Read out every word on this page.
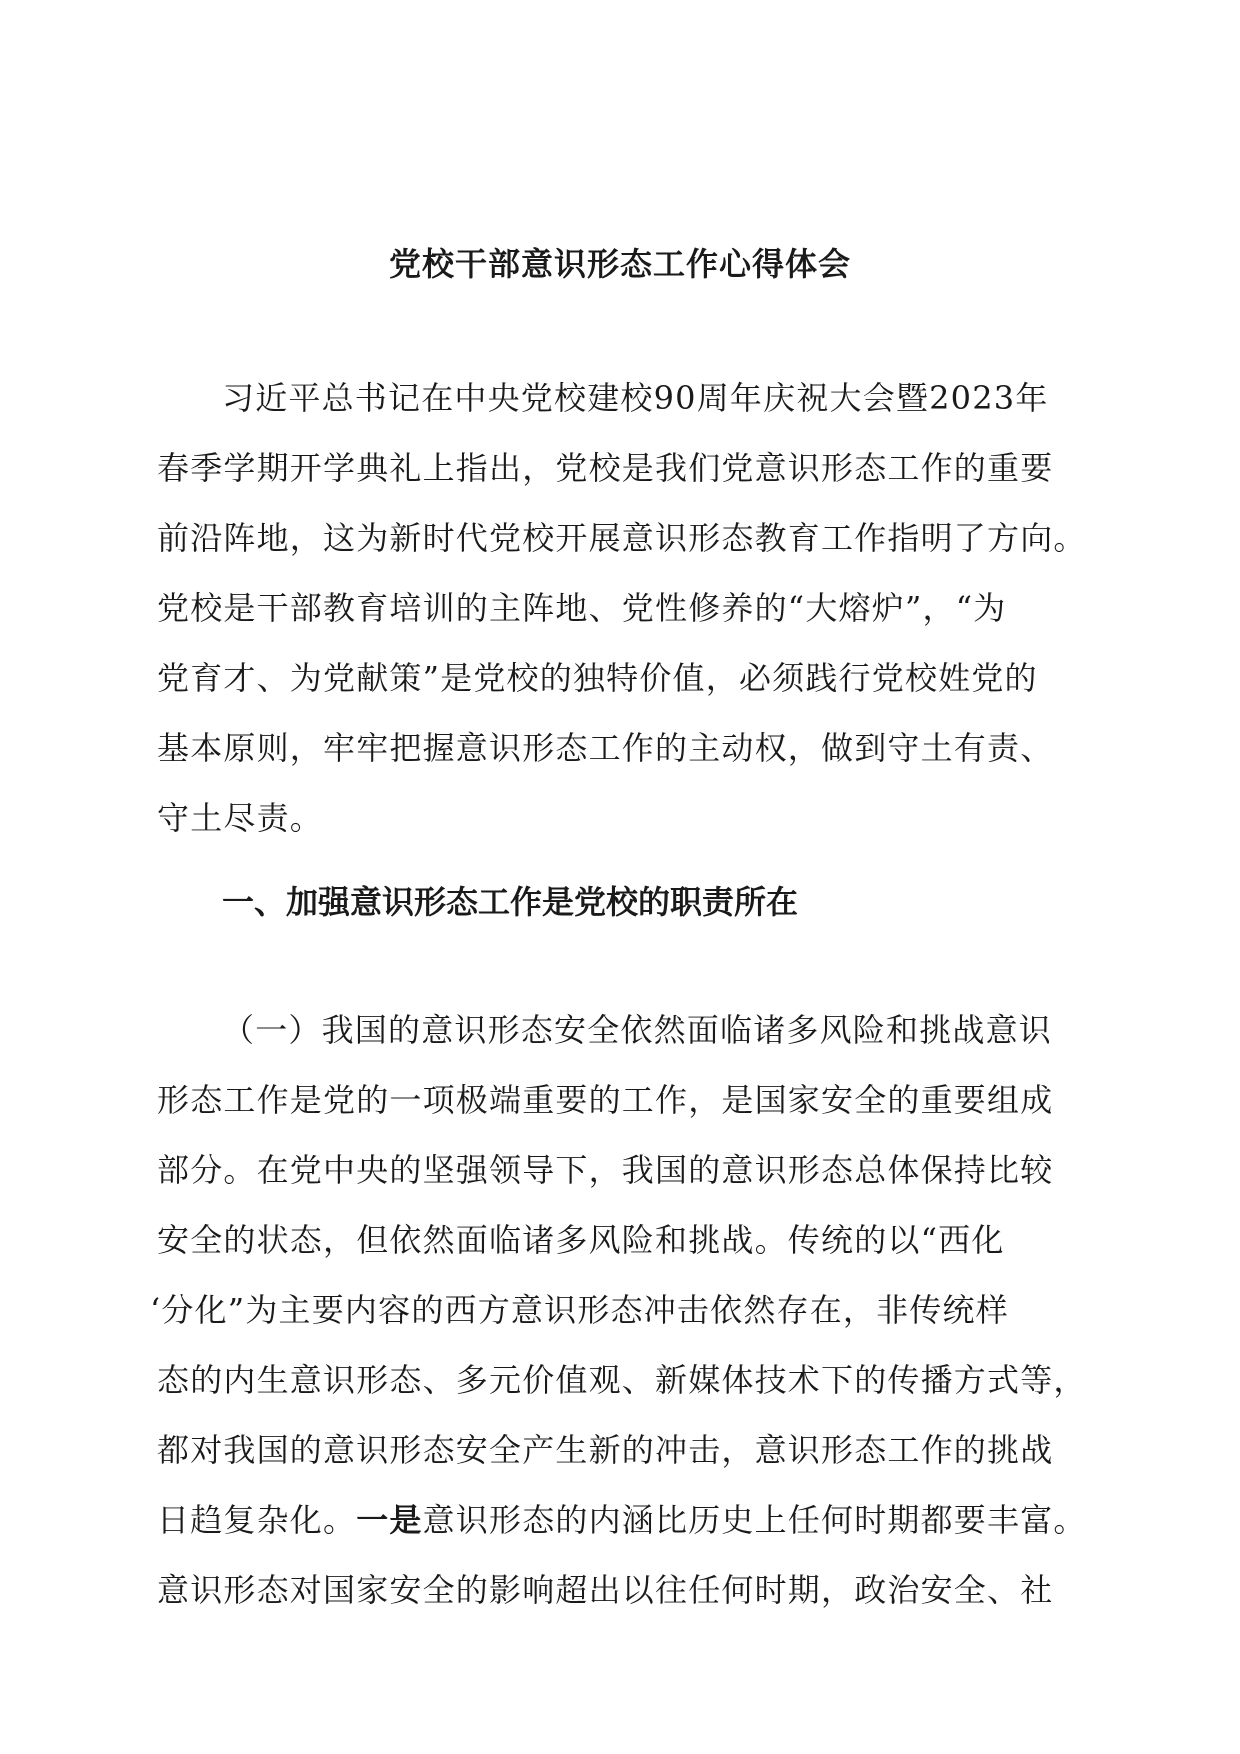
党校干部意识形态工作心得体会
习近平总书记在中央党校建校90周年庆祝大会暨2023年
春季学期开学典礼上指出，党校是我们党意识形态工作的重要
前沿阵地，这为新时代党校开展意识形态教育工作指明了方向。
党校是干部教育培训的主阵地、党性修养的“大熔炉”，“为
党育才、为党献策”是党校的独特价值，必须践行党校姓党的
基本原则，牢牢把握意识形态工作的主动权，做到守土有责、
守土尽责。
一、加强意识形态工作是党校的职责所在
（一）我国的意识形态安全依然面临诸多风险和挑战意识
形态工作是党的一项极端重要的工作，是国家安全的重要组成
部分。在党中央的坚强领导下，我国的意识形态总体保持比较
安全的状态，但依然面临诸多风险和挑战。传统的以“西化
‘分化”为主要内容的西方意识形态冲击依然存在，非传统样
态的内生意识形态、多元价值观、新媒体技术下的传播方式等，
都对我国的意识形态安全产生新的冲击，意识形态工作的挑战
日趋复杂化。一是意识形态的内涵比历史上任何时期都要丰富。
意识形态对国家安全的影响超出以往任何时期，政治安全、社
